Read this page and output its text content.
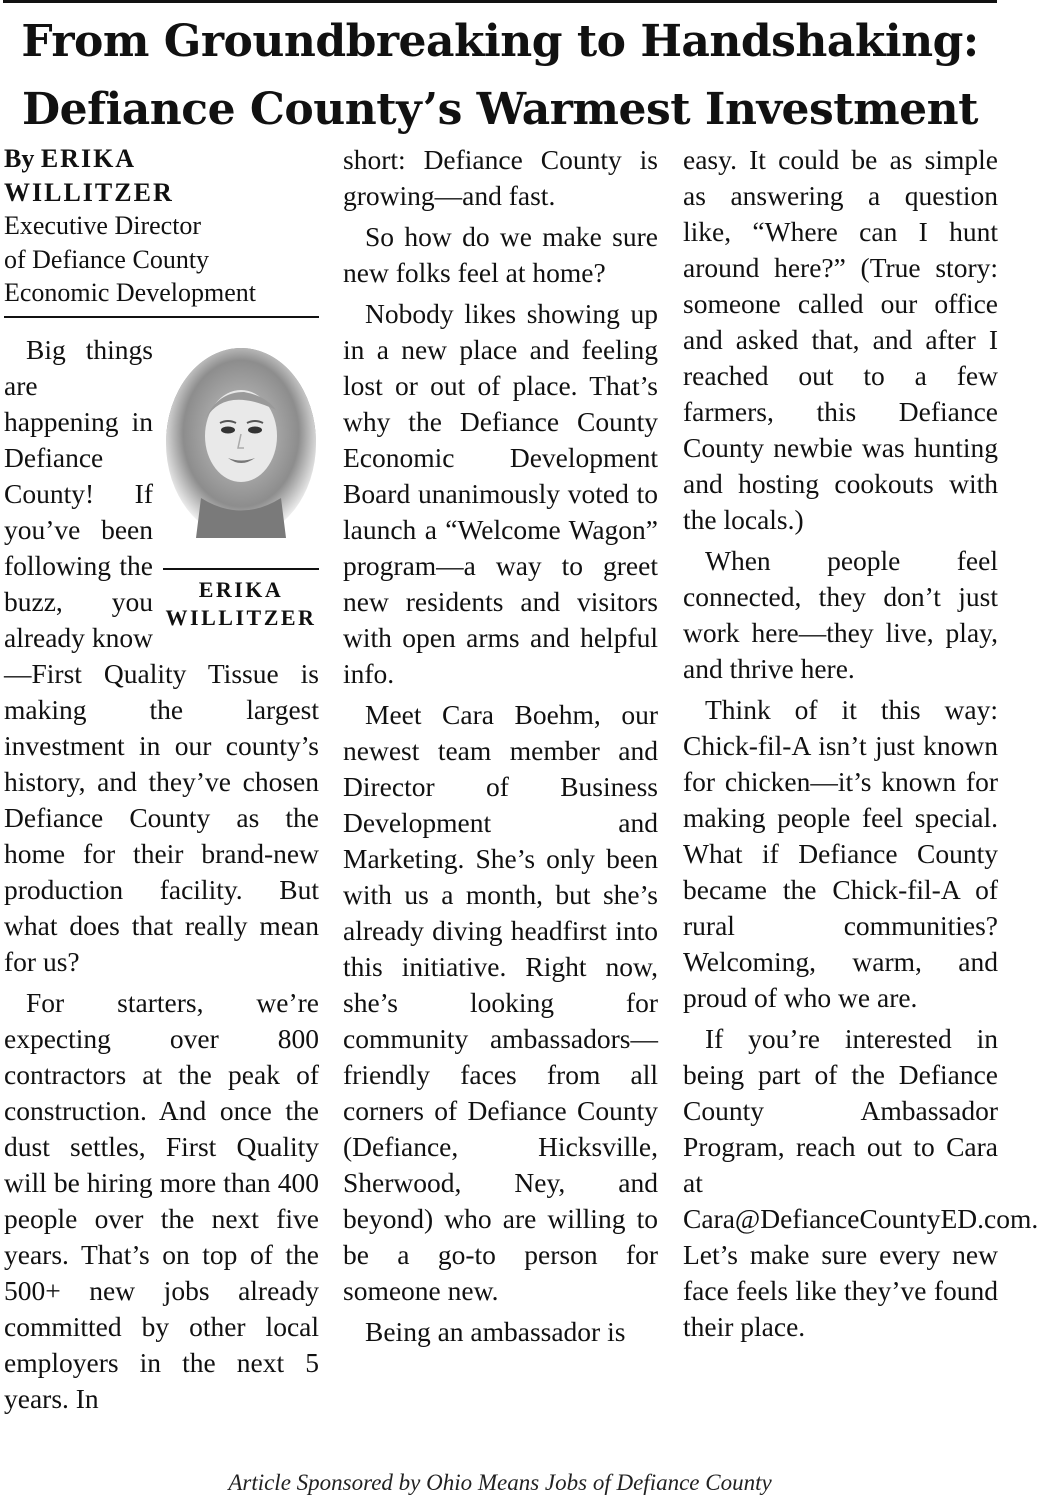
From Groundbreaking to Handshaking:
Defiance County’s Warmest Investment
By ERIKA
WILLITZER
Executive Director
of Defiance County
Economic Development
ERIKA
WILLITZER

Big things are happening in Defiance County! If you’ve been following the buzz, you already know—First Quality Tissue is making the largest investment in our county’s history, and they’ve chosen Defiance County as the home for their brand-new production facility. But what does that really mean for us?

For starters, we’re expecting over 800 contractors at the peak of construction. And once the dust settles, First Quality will be hiring more than 400 people over the next five years. That’s on top of the 500+ new jobs already committed by other local employers in the next 5 years. In

short: Defiance County is growing—and fast.

So how do we make sure new folks feel at home?

Nobody likes showing up in a new place and feeling lost or out of place. That’s why the Defiance County Economic Development Board unanimously voted to launch a “Welcome Wagon” program—a way to greet new residents and visitors with open arms and helpful info.

Meet Cara Boehm, our newest team member and Director of Business Development and Marketing. She’s only been with us a month, but she’s already diving headfirst into this initiative. Right now, she’s looking for community ambassadors—friendly faces from all corners of Defiance County (Defiance, Hicksville, Sherwood, Ney, and beyond) who are willing to be a go-to person for someone new.

Being an ambassador is

easy. It could be as simple as answering a question like, “Where can I hunt around here?” (True story: someone called our office and asked that, and after I reached out to a few farmers, this Defiance County newbie was hunting and hosting cookouts with the locals.)

When people feel connected, they don’t just work here—they live, play, and thrive here.

Think of it this way: Chick-fil-A isn’t just known for chicken—it’s known for making people feel special. What if Defiance County became the Chick-fil-A of rural communities? Welcoming, warm, and proud of who we are.

If you’re interested in being part of the Defiance County Ambassador Program, reach out to Cara at Cara@DefianceCountyED.com. Let’s make sure every new face feels like they’ve found their place.

Article Sponsored by Ohio Means Jobs of Defiance County
